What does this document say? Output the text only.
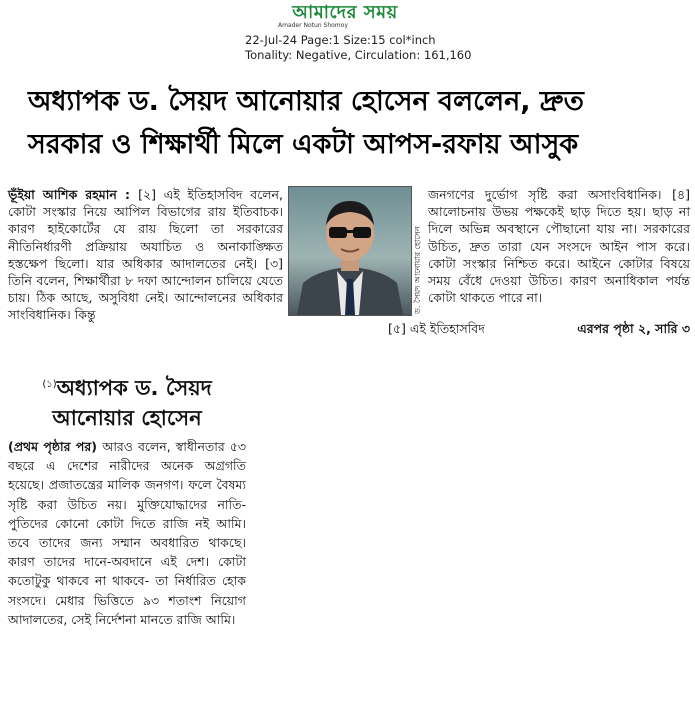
আমাদের সময়
Amader Notun Shomoy
22-Jul-24 Page:1 Size:15 col*inch
Tonality: Negative, Circulation: 161,160
অধ্যাপক ড. সৈয়দ আনোয়ার হোসেন বললেন, দ্রুত
সরকার ও শিক্ষার্থী মিলে একটা আপস-রফায় আসুক
ভূঁইয়া আশিক রহমান : [২] এই ইতিহাসবিদ বলেন, কোটা সংস্কার নিয়ে আপিল বিভাগের রায় ইতিবাচক। কারণ হাইকোর্টের যে রায় ছিলো তা সরকারের নীতিনির্ধারণী প্রক্রিয়ায় অযাচিত ও অনাকাঙ্ক্ষিত হস্তক্ষেপ ছিলো। যার অধিকার আদালতের নেই। [৩] তিনি বলেন, শিক্ষার্থীরা ৮ দফা আন্দোলন চালিয়ে যেতে চায়। ঠিক আছে, অসুবিধা নেই। আন্দোলনের অধিকার সাংবিধানিক। কিন্তু
ড. সৈয়দ আনোয়ার হোসেন
জনগণের দুর্ভোগ সৃষ্টি করা অসাংবিধানিক। [৪] আলোচনায় উভয় পক্ষকেই ছাড় দিতে হয়। ছাড় না দিলে অভিন্ন অবস্থানে পৌছানো যায় না। সরকারের উচিত, দ্রুত তারা যেন সংসদে আইন পাস করে। কোটা সংস্কার নিশ্চিত করে। আইনে কোটার বিষয়ে সময় বেঁধে দেওয়া উচিত। কারণ অনাধিকাল পর্যন্ত কোটা থাকতে পারে না।
[৫] এই ইতিহাসবিদ	এরপর পৃষ্ঠা ২, সারি ৩
$^{(১)}$অধ্যাপক ড. সৈয়দ
আনোয়ার হোসেন
(প্রথম পৃষ্ঠার পর) আরও বলেন, স্বাধীনতার ৫৩ বছরে এ দেশের নারীদের অনেক অগ্রগতি হয়েছে। প্রজাতন্ত্রের মালিক জনগণ। ফলে বৈষম্য সৃষ্টি করা উচিত নয়। মুক্তিযোদ্ধাদের নাতি-পুতিদের কোনো কোটা দিতে রাজি নই আমি। তবে তাদের জন্য সম্মান অবধারিত থাকছে। কারণ তাদের দানে-অবদানে এই দেশ। কোটা কতোটুকু থাকবে না থাকবে- তা নির্ধারিত হোক সংসদে। মেধার ভিত্তিতে ৯৩ শতাংশ নিয়োগ আদালতের, সেই নির্দেশনা মানতে রাজি আমি।
